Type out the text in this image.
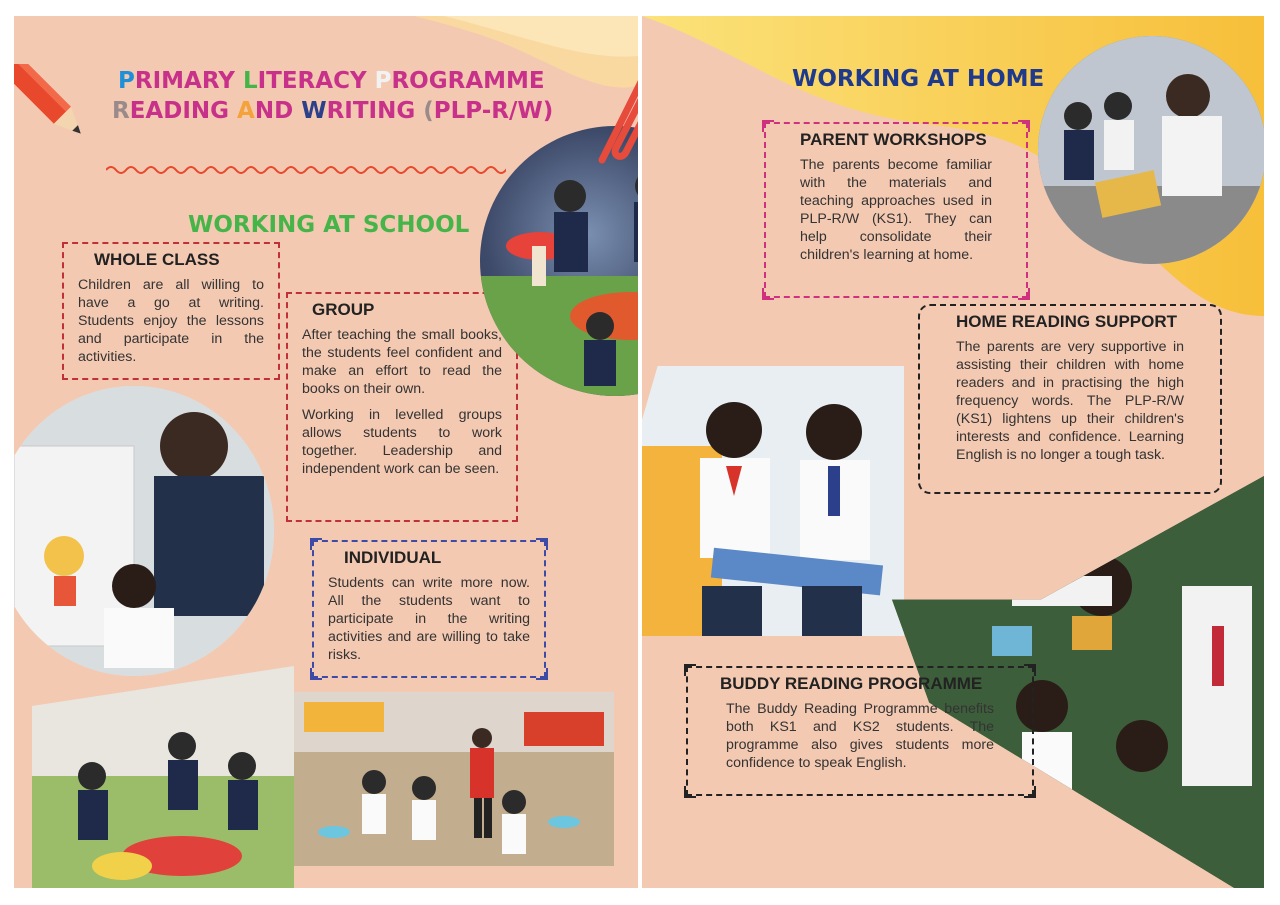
PRIMARY LITERACY PROGRAMME
READING AND WRITING (PLP-R/W)
WORKING AT SCHOOL
WHOLE CLASS

Children are all willing to have a go at writing. Students enjoy the lessons and participate in the activities.

GROUP

After teaching the small books, the students feel confident and make an effort to read the books on their own.

Working in levelled groups allows students to work together. Leadership and independent work can be seen.

INDIVIDUAL

Students can write more now. All the students want to participate in the writing activities and are willing to take risks.

WORKING AT HOME
PARENT WORKSHOPS

The parents become familiar with the materials and teaching approaches used in PLP-R/W (KS1). They can help consolidate their children's learning at home.

HOME READING SUPPORT

The parents are very supportive in assisting their children with home readers and in practising the high frequency words. The PLP-R/W (KS1) lightens up their children's interests and confidence. Learning English is no longer a tough task.

BUDDY READING PROGRAMME

The Buddy Reading Programme benefits both KS1 and KS2 students. The programme also gives students more confidence to speak English.
